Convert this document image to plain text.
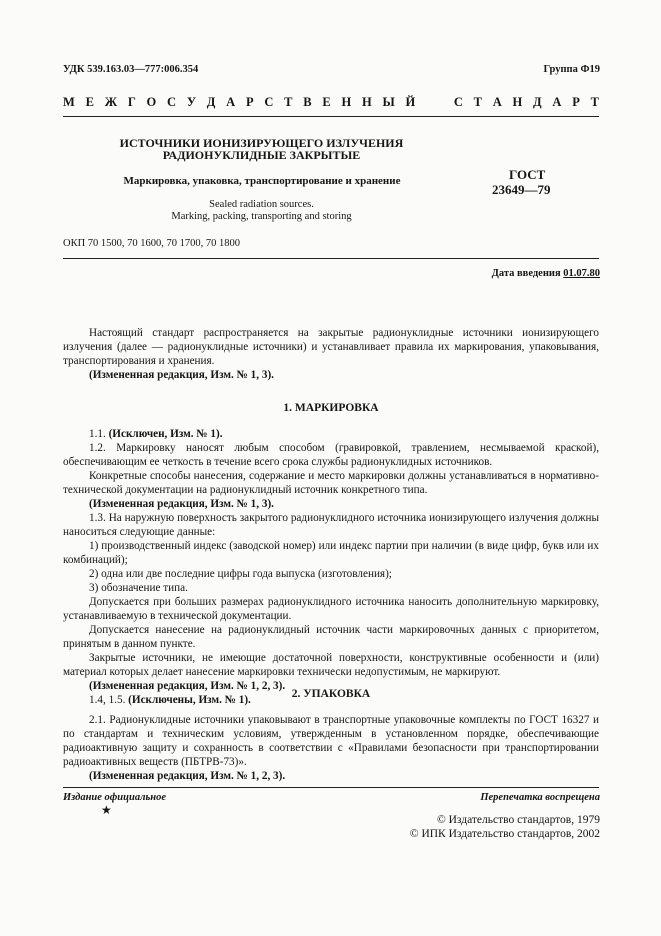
УДК 539.163.03—777:006.354	Группа Ф19
М Е Ж Г О С У Д А Р С Т В Е Н Н Ы Й

	С Т А Н Д А Р Т
ИСТОЧНИКИ ИОНИЗИРУЮЩЕГО ИЗЛУЧЕНИЯ
РАДИОНУКЛИДНЫЕ ЗАКРЫТЫЕ
Маркировка, упаковка, транспортирование и хранение
Sealed radiation sources.
Marking, packing, transporting and storing
ГОСТ
23649—79
ОКП 70 1500, 70 1600, 70 1700, 70 1800
Дата введения 01.07.80

Настоящий стандарт распространяется на закрытые радионуклидные источники ионизирующего излучения (далее — радионуклидные источники) и устанавливает правила их маркирования, упаковывания, транспортирования и хранения.

(Измененная редакция, Изм. № 1, 3).

1. МАРКИРОВКА

1.1. (Исключен, Изм. № 1).

1.2. Маркировку наносят любым способом (гравировкой, травлением, несмываемой краской), обеспечивающим ее четкость в течение всего срока службы радионуклидных источников.

Конкретные способы нанесения, содержание и место маркировки должны устанавливаться в нормативно-технической документации на радионуклидный источник конкретного типа.

(Измененная редакция, Изм. № 1, 3).

1.3. На наружную поверхность закрытого радионуклидного источника ионизирующего излучения должны наноситься следующие данные:

1) производственный индекс (заводской номер) или индекс партии при наличии (в виде цифр, букв или их комбинаций);

2) одна или две последние цифры года выпуска (изготовления);

3) обозначение типа.

Допускается при больших размерах радионуклидного источника наносить дополнительную маркировку, устанавливаемую в технической документации.

Допускается нанесение на радионуклидный источник части маркировочных данных с приоритетом, принятым в данном пункте.

Закрытые источники, не имеющие достаточной поверхности, конструктивные особенности и (или) материал которых делает нанесение маркировки технически недопустимым, не маркируют.

(Измененная редакция, Изм. № 1, 2, 3).

1.4, 1.5. (Исключены, Изм. № 1).	2. УПАКОВКА

2.1. Радионуклидные источники упаковывают в транспортные упаковочные комплекты по ГОСТ 16327 и по стандартам и техническим условиям, утвержденным в установленном порядке, обеспечивающие радиоактивную защиту и сохранность в соответствии с «Правилами безопасности при транспортировании радиоактивных веществ (ПБТРВ-73)».

(Измененная редакция, Изм. № 1, 2, 3).

Издание официальное	Перепечатка воспрещена
★
© Издательство стандартов, 1979
© ИПК Издательство стандартов, 2002
